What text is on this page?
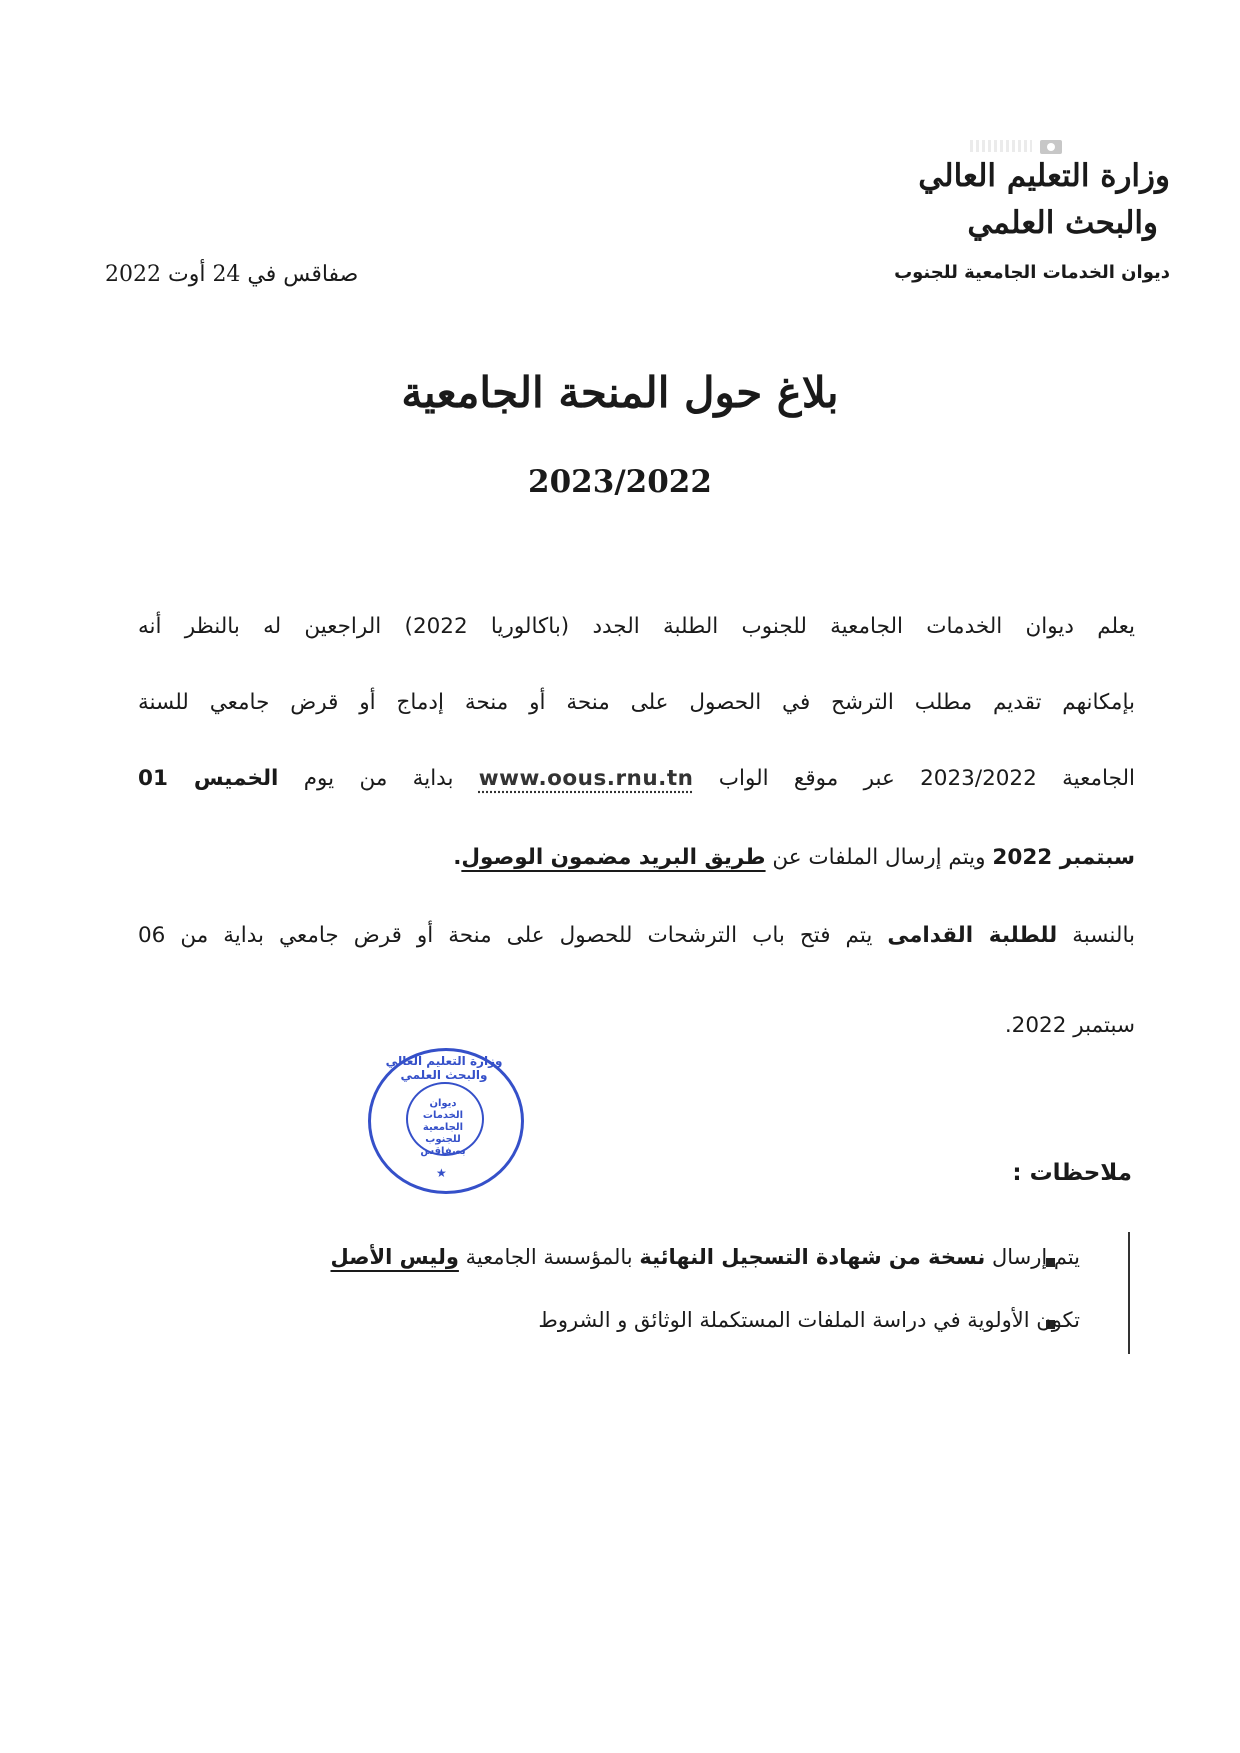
وزارة التعليم العالي
والبحث العلمي
ديوان الخدمات الجامعية للجنوب
صفاقس في 24 أوت 2022
بلاغ حول المنحة الجامعية
2023/2022
يعلم ديوان الخدمات الجامعية للجنوب الطلبة الجدد (باكالوريا 2022) الراجعين له بالنظر أنه
بإمكانهم تقديم مطلب الترشح في الحصول على منحة أو منحة إدماج أو قرض جامعي للسنة
الجامعية 2023/2022 عبر موقع الواب www.oous.rnu.tn بداية من يوم الخميس 01
سبتمبر 2022 ويتم إرسال الملفات عن طريق البريد مضمون الوصول.
بالنسبة للطلبة القدامى يتم فتح باب الترشحات للحصول على منحة أو قرض جامعي بداية من 06
سبتمبر 2022.
وزارة التعليم العالي والبحث العلمي
ديوان الخدمات الجامعية للجنوب بصفاقس
★	ملاحظات :
يتم إرسال نسخة من شهادة التسجيل النهائية بالمؤسسة الجامعية وليس الأصل
تكون الأولوية في دراسة الملفات المستكملة الوثائق و الشروط
